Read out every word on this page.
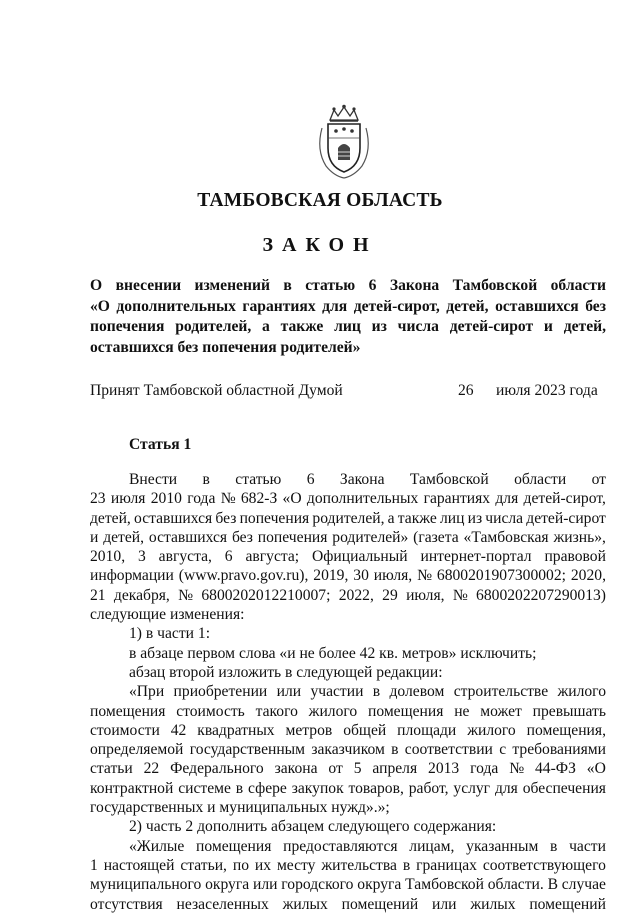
ТАМБОВСКАЯ ОБЛАСТЬ
ЗАКОН
О внесении изменений в статью 6 Закона Тамбовской области
«О дополнительных гарантиях для детей-сирот, детей, оставшихся без
попечения родителей, а также лиц из числа детей-сирот и детей,
оставшихся без попечения родителей»
Принят Тамбовской областной Думой	26 июля 2023 года
Статья 1
Внести в статью 6 Закона Тамбовской области от
23 июля 2010 года № 682-З «О дополнительных гарантиях для детей-сирот,
детей, оставшихся без попечения родителей, а также лиц из числа детей-сирот
и детей, оставшихся без попечения родителей» (газета «Тамбовская жизнь»,
2010, 3 августа, 6 августа; Официальный интернет-портал правовой
информации (www.pravo.gov.ru), 2019, 30 июля, № 6800201907300002; 2020,
21 декабря, № 6800202012210007; 2022, 29 июля, № 6800202207290013)
следующие изменения:
1) в части 1:
в абзаце первом слова «и не более 42 кв. метров» исключить;
абзац второй изложить в следующей редакции:
«При приобретении или участии в долевом строительстве жилого
помещения стоимость такого жилого помещения не может превышать
стоимости 42 квадратных метров общей площади жилого помещения,
определяемой государственным заказчиком в соответствии с требованиями
статьи 22 Федерального закона от 5 апреля 2013 года № 44-ФЗ «О
контрактной системе в сфере закупок товаров, работ, услуг для обеспечения
государственных и муниципальных нужд».»;
2) часть 2 дополнить абзацем следующего содержания:
«Жилые помещения предоставляются лицам, указанным в части
1 настоящей статьи, по их месту жительства в границах соответствующего
муниципального округа или городского округа Тамбовской области. В случае
отсутствия незаселенных жилых помещений или жилых помещений
